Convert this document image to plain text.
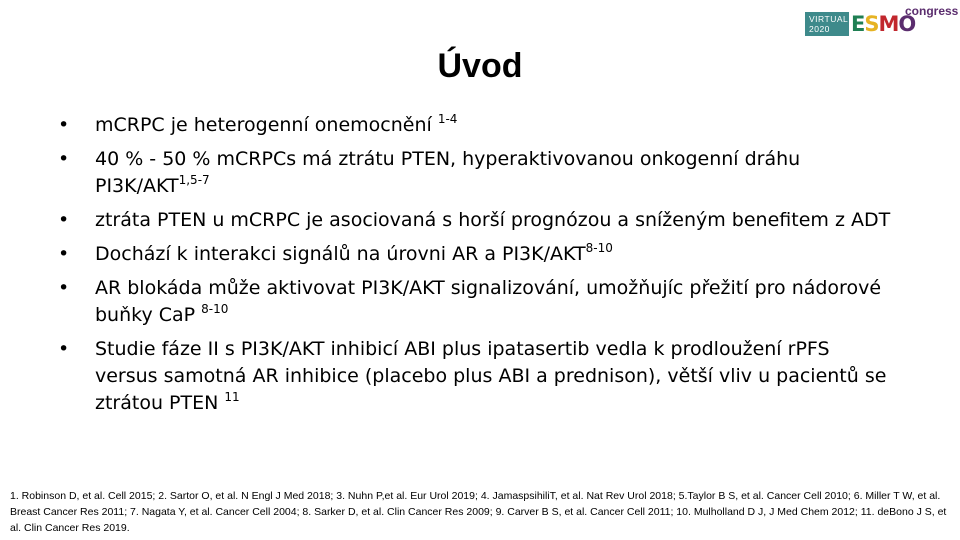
VIRTUAL
2020	E S M O
congress
Úvod
• mCRPC je heterogenní onemocnění $^{1-4}$
• 40 % - 50 % mCRPCs má ztrátu PTEN, hyperaktivovanou onkogenní dráhu PI3K/AKT$^{1,5-7}$
• ztráta PTEN u mCRPC je asociovaná s horší prognózou a sníženým benefitem z ADT
• Dochází k interakci signálů na úrovni AR a PI3K/AKT$^{8-10}$
• AR blokáda může aktivovat PI3K/AKT signalizování, umožňujíc přežití pro nádorové buňky CaP $^{8-10}$
• Studie fáze II s PI3K/AKT inhibicí ABI plus ipatasertib vedla k prodloužení rPFS versus samotná AR inhibice (placebo plus ABI a prednison), větší vliv u pacientů se ztrátou PTEN $^{11}$
1. Robinson D, et al. Cell 2015; 2. Sartor O, et al. N Engl J Med 2018; 3. Nuhn P,et al. Eur Urol 2019; 4. JamaspsihiliT, et al. Nat Rev Urol 2018; 5.Taylor B S, et al. Cancer Cell 2010; 6. Miller T W, et al. Breast Cancer Res 2011; 7. Nagata Y, et al. Cancer Cell 2004; 8. Sarker D, et al. Clin Cancer Res 2009; 9. Carver B S, et al. Cancer Cell 2011; 10. Mulholland D J, J Med Chem 2012; 11. deBono J S, et al. Clin Cancer Res 2019.
